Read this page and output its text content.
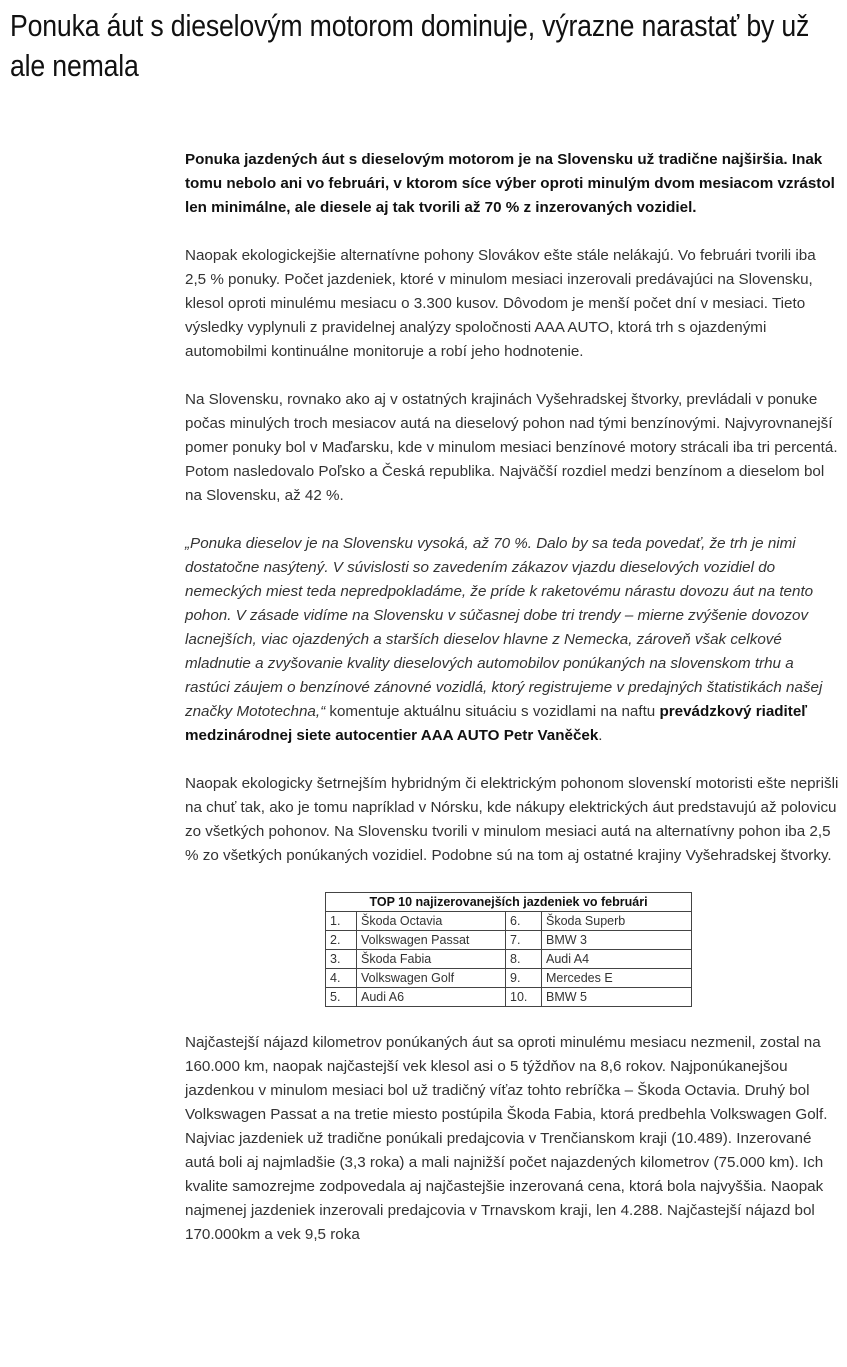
Ponuka áut s dieselovým motorom dominuje, výrazne narastať by už ale nemala

Ponuka jazdených áut s dieselovým motorom je na Slovensku už tradične najširšia. Inak tomu nebolo ani vo februári, v ktorom síce výber oproti minulým dvom mesiacom vzrástol len minimálne, ale diesele aj tak tvorili až 70 % z inzerovaných vozidiel.

Naopak ekologickejšie alternatívne pohony Slovákov ešte stále nelákajú. Vo februári tvorili iba 2,5 % ponuky. Počet jazdeniek, ktoré v minulom mesiaci inzerovali predávajúci na Slovensku, klesol oproti minulému mesiacu o 3.300 kusov. Dôvodom je menší počet dní v mesiaci. Tieto výsledky vyplynuli z pravidelnej analýzy spoločnosti AAA AUTO, ktorá trh s ojazdenými automobilmi kontinuálne monitoruje a robí jeho hodnotenie.

Na Slovensku, rovnako ako aj v ostatných krajinách Vyšehradskej štvorky, prevládali v ponuke počas minulých troch mesiacov autá na dieselový pohon nad tými benzínovými. Najvyrovnanejší pomer ponuky bol v Maďarsku, kde v minulom mesiaci benzínové motory strácali iba tri percentá. Potom nasledovalo Poľsko a Česká republika. Najväčší rozdiel medzi benzínom a dieselom bol na Slovensku, až 42 %.

„Ponuka dieselov je na Slovensku vysoká, až 70 %. Dalo by sa teda povedať, že trh je nimi dostatočne nasýtený. V súvislosti so zavedením zákazov vjazdu dieselových vozidiel do nemeckých miest teda nepredpokladáme, že príde k raketovému nárastu dovozu áut na tento pohon. V zásade vidíme na Slovensku v súčasnej dobe tri trendy – mierne zvýšenie dovozov lacnejších, viac ojazdených a starších dieselov hlavne z Nemecka, zároveň však celkové mladnutie a zvyšovanie kvality dieselových automobilov ponúkaných na slovenskom trhu a rastúci záujem o benzínové zánovné vozidlá, ktorý registrujeme v predajných štatistikách našej značky Mototechna,“ komentuje aktuálnu situáciu s vozidlami na naftu prevádzkový riaditeľ medzinárodnej siete autocentier AAA AUTO Petr Vaněček.

Naopak ekologicky šetrnejším hybridným či elektrickým pohonom slovenskí motoristi ešte neprišli na chuť tak, ako je tomu napríklad v Nórsku, kde nákupy elektrických áut predstavujú až polovicu zo všetkých pohonov. Na Slovensku tvorili v minulom mesiaci autá na alternatívny pohon iba 2,5 % zo všetkých ponúkaných vozidiel. Podobne sú na tom aj ostatné krajiny Vyšehradskej štvorky.

TOP 10 najizerovanejších jazdeniek vo februári			
1.	Škoda Octavia	6.	Škoda Superb
2.	Volkswagen Passat	7.	BMW 3
3.	Škoda Fabia	8.	Audi A4
4.	Volkswagen Golf	9.	Mercedes E
5.	Audi A6	10.	BMW 5

Najčastejší nájazd kilometrov ponúkaných áut sa oproti minulému mesiacu nezmenil, zostal na 160.000 km, naopak najčastejší vek klesol asi o 5 týždňov na 8,6 rokov. Najponúkanejšou jazdenkou v minulom mesiaci bol už tradičný víťaz tohto rebríčka – Škoda Octavia. Druhý bol Volkswagen Passat a na tretie miesto postúpila Škoda Fabia, ktorá predbehla Volkswagen Golf. Najviac jazdeniek už tradične ponúkali predajcovia v Trenčianskom kraji (10.489). Inzerované autá boli aj najmladšie (3,3 roka) a mali najnižší počet najazdených kilometrov (75.000 km). Ich kvalite samozrejme zodpovedala aj najčastejšie inzerovaná cena, ktorá bola najvyššia. Naopak najmenej jazdeniek inzerovali predajcovia v Trnavskom kraji, len 4.288. Najčastejší nájazd bol 170.000km a vek 9,5 roka
